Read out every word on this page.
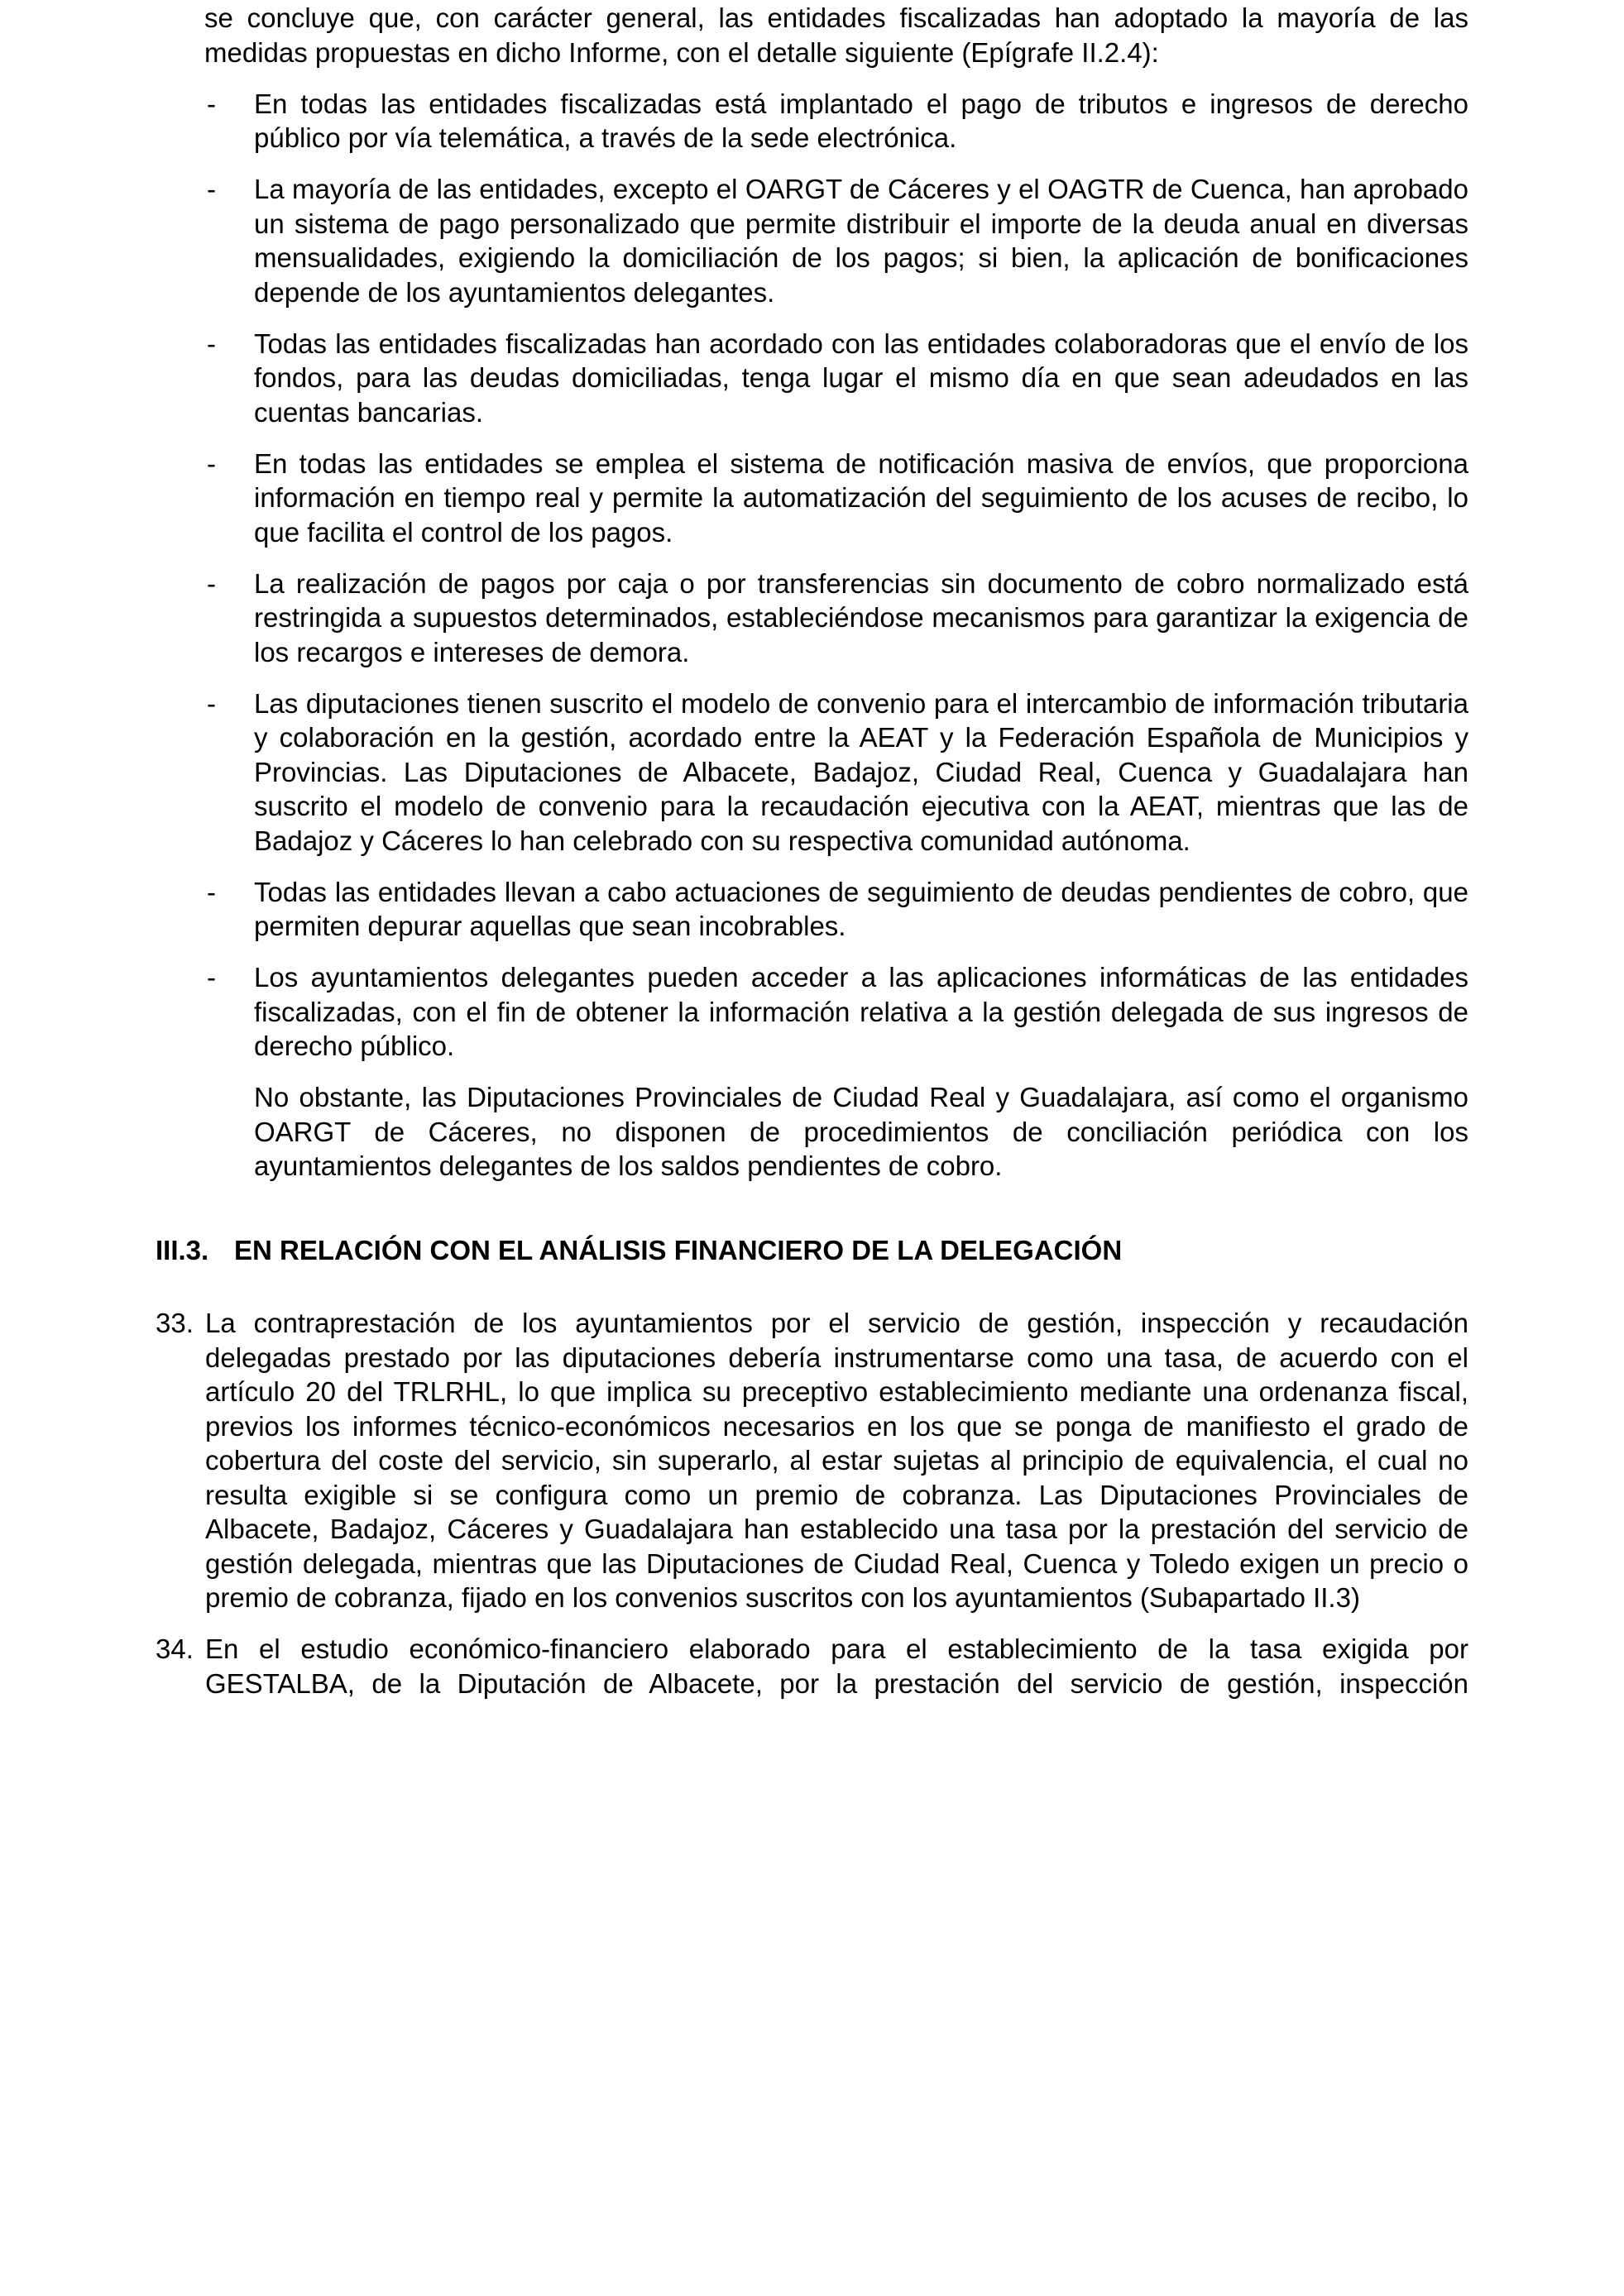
se concluye que, con carácter general, las entidades fiscalizadas han adoptado la mayoría de las medidas propuestas en dicho Informe, con el detalle siguiente (Epígrafe II.2.4):

- En todas las entidades fiscalizadas está implantado el pago de tributos e ingresos de derecho público por vía telemática, a través de la sede electrónica.
- La mayoría de las entidades, excepto el OARGT de Cáceres y el OAGTR de Cuenca, han aprobado un sistema de pago personalizado que permite distribuir el importe de la deuda anual en diversas mensualidades, exigiendo la domiciliación de los pagos; si bien, la aplicación de bonificaciones depende de los ayuntamientos delegantes.
- Todas las entidades fiscalizadas han acordado con las entidades colaboradoras que el envío de los fondos, para las deudas domiciliadas, tenga lugar el mismo día en que sean adeudados en las cuentas bancarias.
- En todas las entidades se emplea el sistema de notificación masiva de envíos, que proporciona información en tiempo real y permite la automatización del seguimiento de los acuses de recibo, lo que facilita el control de los pagos.
- La realización de pagos por caja o por transferencias sin documento de cobro normalizado está restringida a supuestos determinados, estableciéndose mecanismos para garantizar la exigencia de los recargos e intereses de demora.
- Las diputaciones tienen suscrito el modelo de convenio para el intercambio de información tributaria y colaboración en la gestión, acordado entre la AEAT y la Federación Española de Municipios y Provincias. Las Diputaciones de Albacete, Badajoz, Ciudad Real, Cuenca y Guadalajara han suscrito el modelo de convenio para la recaudación ejecutiva con la AEAT, mientras que las de Badajoz y Cáceres lo han celebrado con su respectiva comunidad autónoma.
- Todas las entidades llevan a cabo actuaciones de seguimiento de deudas pendientes de cobro, que permiten depurar aquellas que sean incobrables.
- Los ayuntamientos delegantes pueden acceder a las aplicaciones informáticas de las entidades fiscalizadas, con el fin de obtener la información relativa a la gestión delegada de sus ingresos de derecho público.

No obstante, las Diputaciones Provinciales de Ciudad Real y Guadalajara, así como el organismo OARGT de Cáceres, no disponen de procedimientos de conciliación periódica con los ayuntamientos delegantes de los saldos pendientes de cobro.

III.3. EN RELACIÓN CON EL ANÁLISIS FINANCIERO DE LA DELEGACIÓN
33. La contraprestación de los ayuntamientos por el servicio de gestión, inspección y recaudación delegadas prestado por las diputaciones debería instrumentarse como una tasa, de acuerdo con el artículo 20 del TRLRHL, lo que implica su preceptivo establecimiento mediante una ordenanza fiscal, previos los informes técnico-económicos necesarios en los que se ponga de manifiesto el grado de cobertura del coste del servicio, sin superarlo, al estar sujetas al principio de equivalencia, el cual no resulta exigible si se configura como un premio de cobranza. Las Diputaciones Provinciales de Albacete, Badajoz, Cáceres y Guadalajara han establecido una tasa por la prestación del servicio de gestión delegada, mientras que las Diputaciones de Ciudad Real, Cuenca y Toledo exigen un precio o premio de cobranza, fijado en los convenios suscritos con los ayuntamientos (Subapartado II.3)
34. En el estudio económico-financiero elaborado para el establecimiento de la tasa exigida por GESTALBA, de la Diputación de Albacete, por la prestación del servicio de gestión, inspección
